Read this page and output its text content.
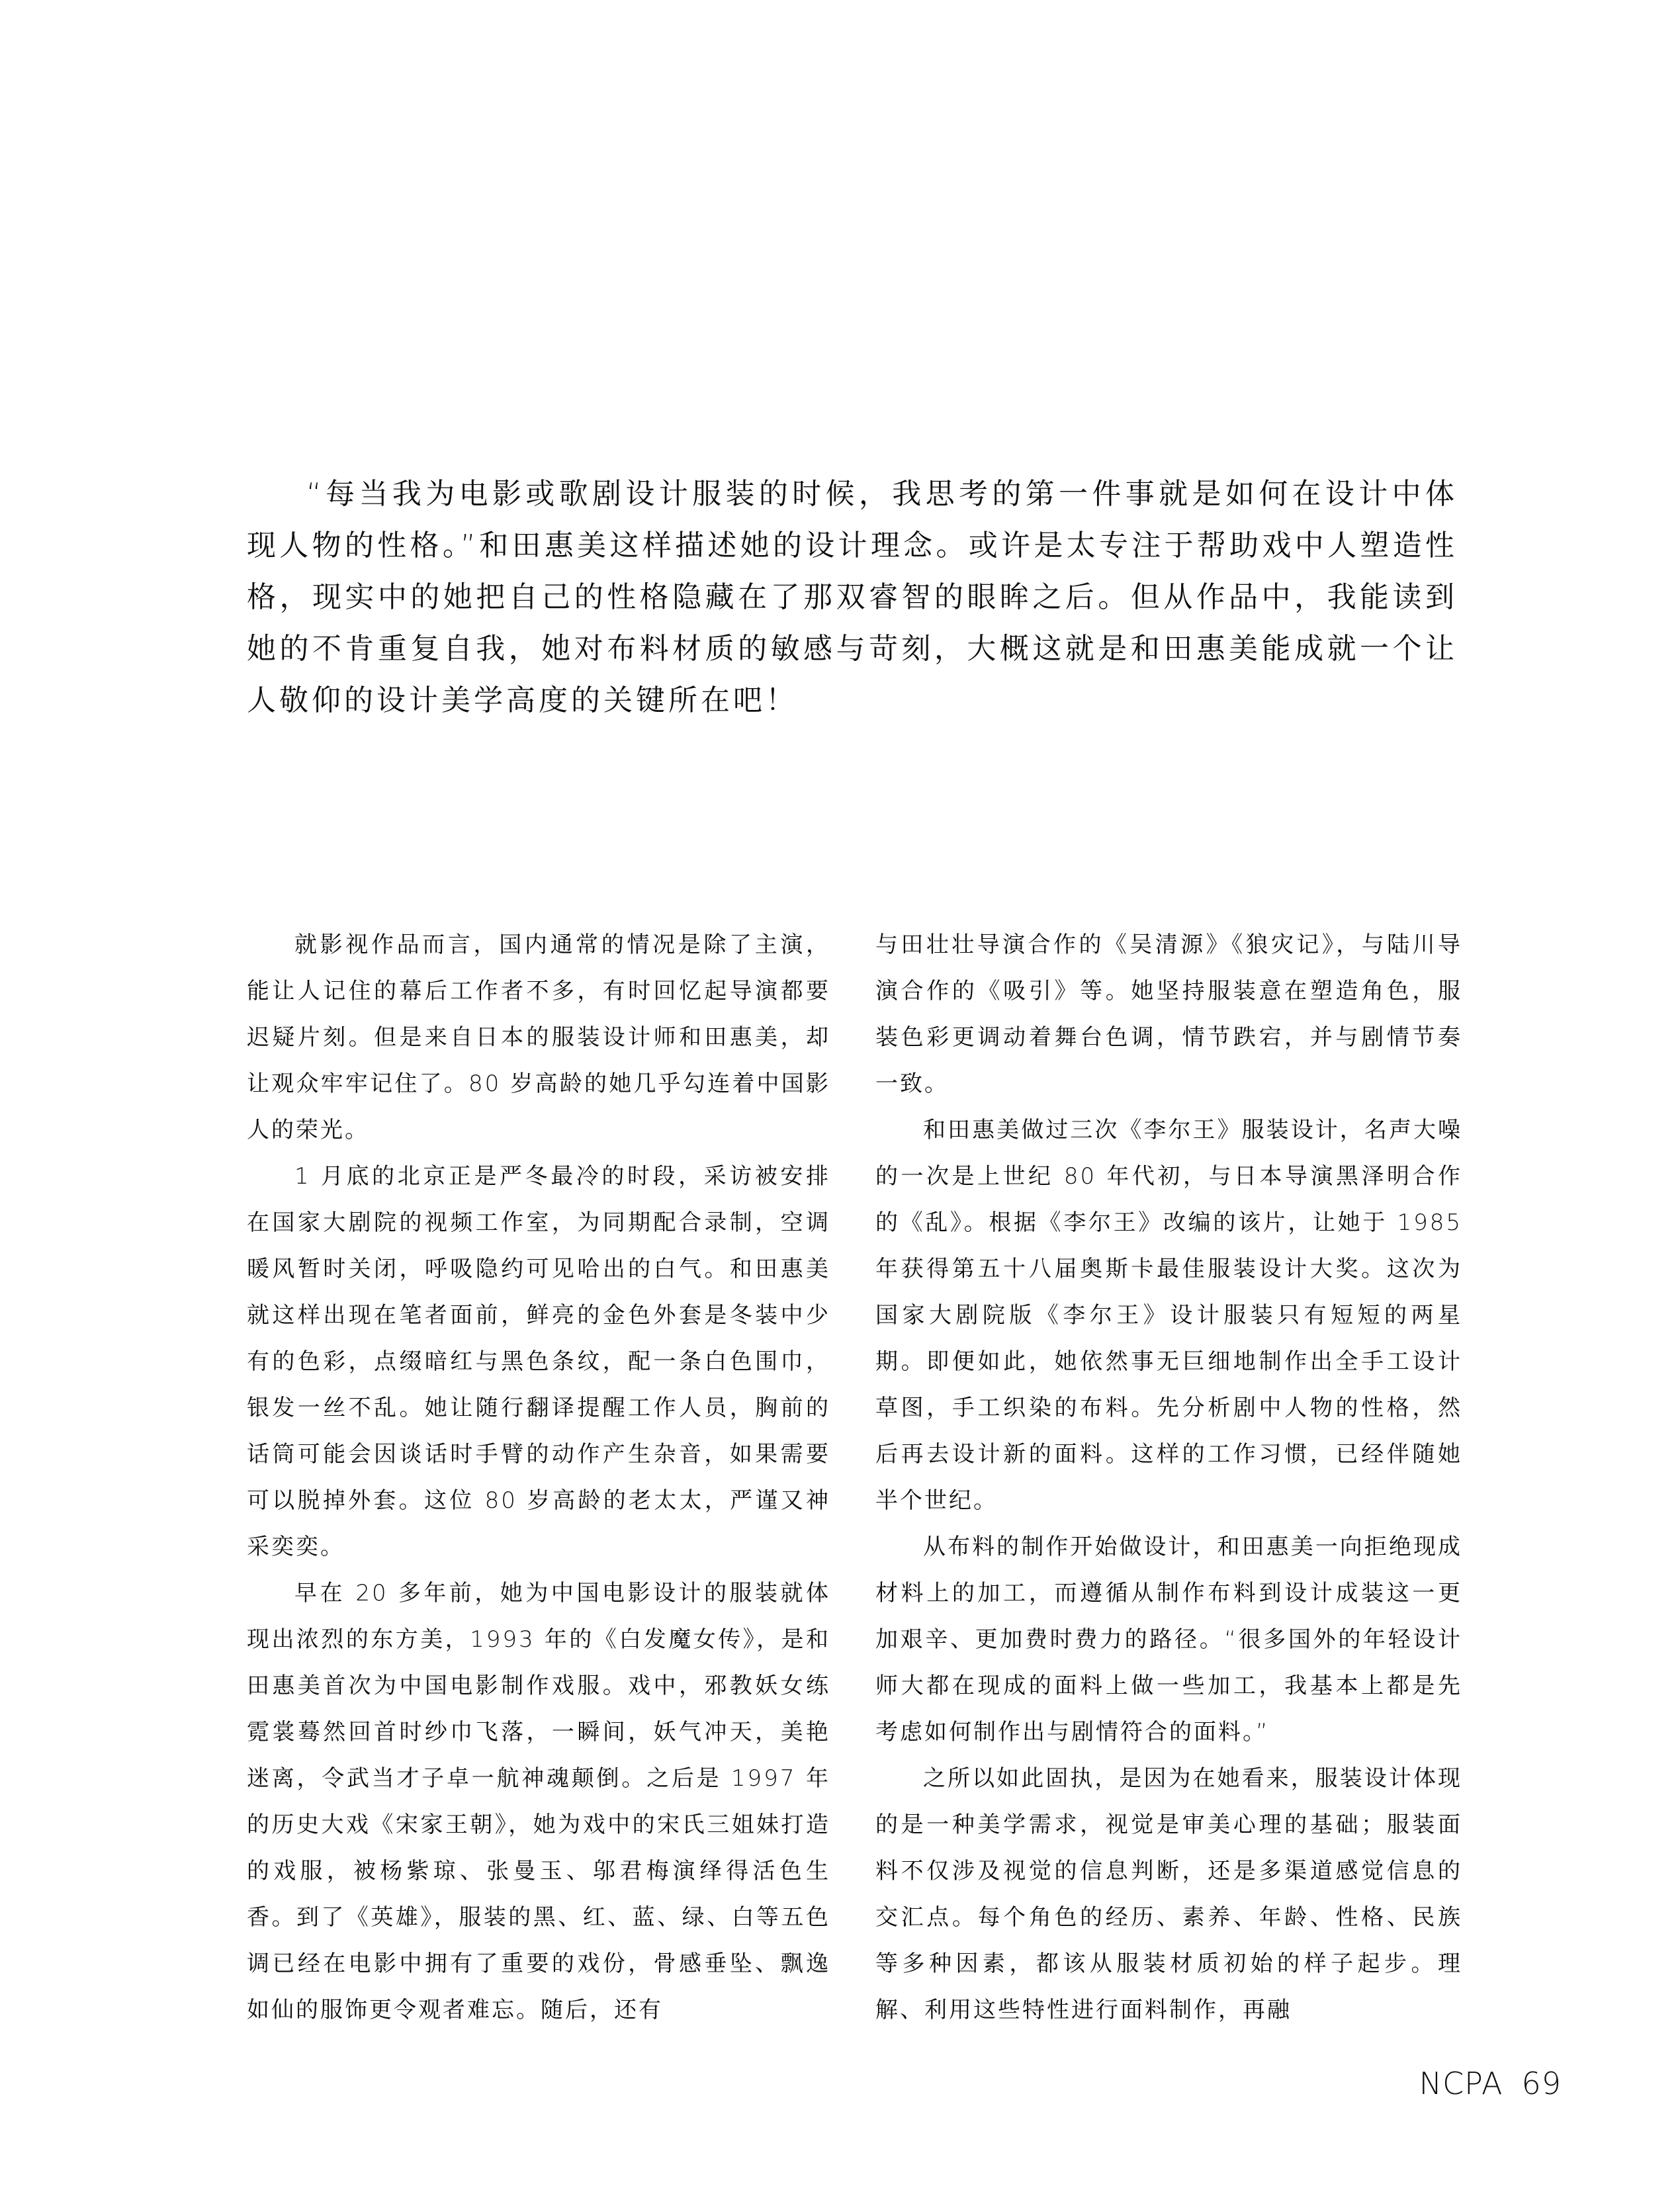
“每当我为电影或歌剧设计服装的时候，我思考的第一件事就是如何在设计中体现人物的性格。”和田惠美这样描述她的设计理念。或许是太专注于帮助戏中人塑造性格，现实中的她把自己的性格隐藏在了那双睿智的眼眸之后。但从作品中，我能读到她的不肯重复自我，她对布料材质的敏感与苛刻，大概这就是和田惠美能成就一个让人敬仰的设计美学高度的关键所在吧！

就影视作品而言，国内通常的情况是除了主演，能让人记住的幕后工作者不多，有时回忆起导演都要迟疑片刻。但是来自日本的服装设计师和田惠美，却让观众牢牢记住了。80 岁高龄的她几乎勾连着中国影人的荣光。

1 月底的北京正是严冬最冷的时段，采访被安排在国家大剧院的视频工作室，为同期配合录制，空调暖风暂时关闭，呼吸隐约可见哈出的白气。和田惠美就这样出现在笔者面前，鲜亮的金色外套是冬装中少有的色彩，点缀暗红与黑色条纹，配一条白色围巾，银发一丝不乱。她让随行翻译提醒工作人员，胸前的话筒可能会因谈话时手臂的动作产生杂音，如果需要可以脱掉外套。这位 80 岁高龄的老太太，严谨又神采奕奕。

早在 20 多年前，她为中国电影设计的服装就体现出浓烈的东方美，1993 年的《白发魔女传》，是和田惠美首次为中国电影制作戏服。戏中，邪教妖女练霓裳蓦然回首时纱巾飞落，一瞬间，妖气冲天，美艳迷离，令武当才子卓一航神魂颠倒。之后是 1997 年的历史大戏《宋家王朝》，她为戏中的宋氏三姐妹打造的戏服，被杨紫琼、张曼玉、邬君梅演绎得活色生香。到了《英雄》，服装的黑、红、蓝、绿、白等五色调已经在电影中拥有了重要的戏份，骨感垂坠、飘逸如仙的服饰更令观者难忘。随后，还有

与田壮壮导演合作的《吴清源》《狼灾记》，与陆川导演合作的《吸引》等。她坚持服装意在塑造角色，服装色彩更调动着舞台色调，情节跌宕，并与剧情节奏一致。

和田惠美做过三次《李尔王》服装设计，名声大噪的一次是上世纪 80 年代初，与日本导演黑泽明合作的《乱》。根据《李尔王》改编的该片，让她于 1985 年获得第五十八届奥斯卡最佳服装设计大奖。这次为国家大剧院版《李尔王》设计服装只有短短的两星期。即便如此，她依然事无巨细地制作出全手工设计草图，手工织染的布料。先分析剧中人物的性格，然后再去设计新的面料。这样的工作习惯，已经伴随她半个世纪。

从布料的制作开始做设计，和田惠美一向拒绝现成材料上的加工，而遵循从制作布料到设计成装这一更加艰辛、更加费时费力的路径。“很多国外的年轻设计师大都在现成的面料上做一些加工，我基本上都是先考虑如何制作出与剧情符合的面料。”

之所以如此固执，是因为在她看来，服装设计体现的是一种美学需求，视觉是审美心理的基础；服装面料不仅涉及视觉的信息判断，还是多渠道感觉信息的交汇点。每个角色的经历、素养、年龄、性格、民族等多种因素，都该从服装材质初始的样子起步。理解、利用这些特性进行面料制作，再融

NCPA 69
